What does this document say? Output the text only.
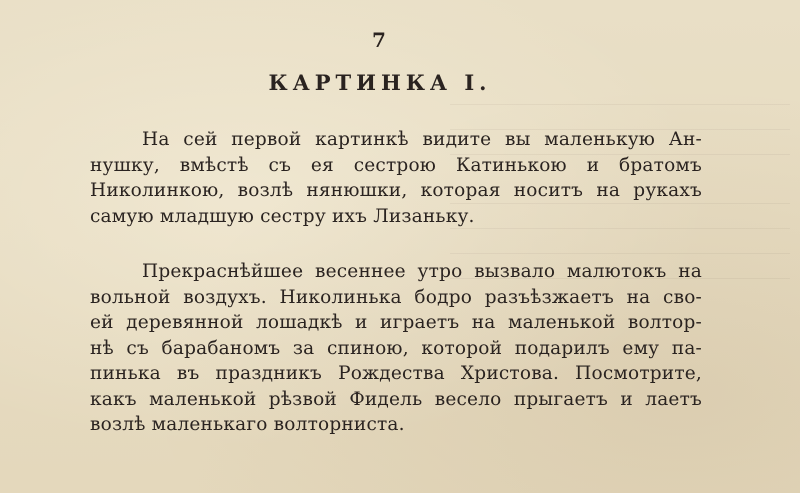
7
КАРТИНКА I.
На сей первой картинкѣ видите вы маленькую Ан-
нушку, вмѣстѣ съ ея сестрою Катинькою и братомъ
Николинкою, возлѣ нянюшки, которая носитъ на рукахъ
самую младшую сестру ихъ Лизаньку.
Прекраснѣйшее весеннее утро вызвало малютокъ на
вольной воздухъ. Николинька бодро разъѣзжаетъ на сво-
ей деревянной лошадкѣ и играетъ на маленькой волтор-
нѣ съ барабаномъ за спиною, которой подарилъ ему па-
пинька въ праздникъ Рождества Христова. Посмотрите,
какъ маленькой рѣзвой Фидель весело прыгаетъ и лаетъ
возлѣ маленькаго волторниста.
